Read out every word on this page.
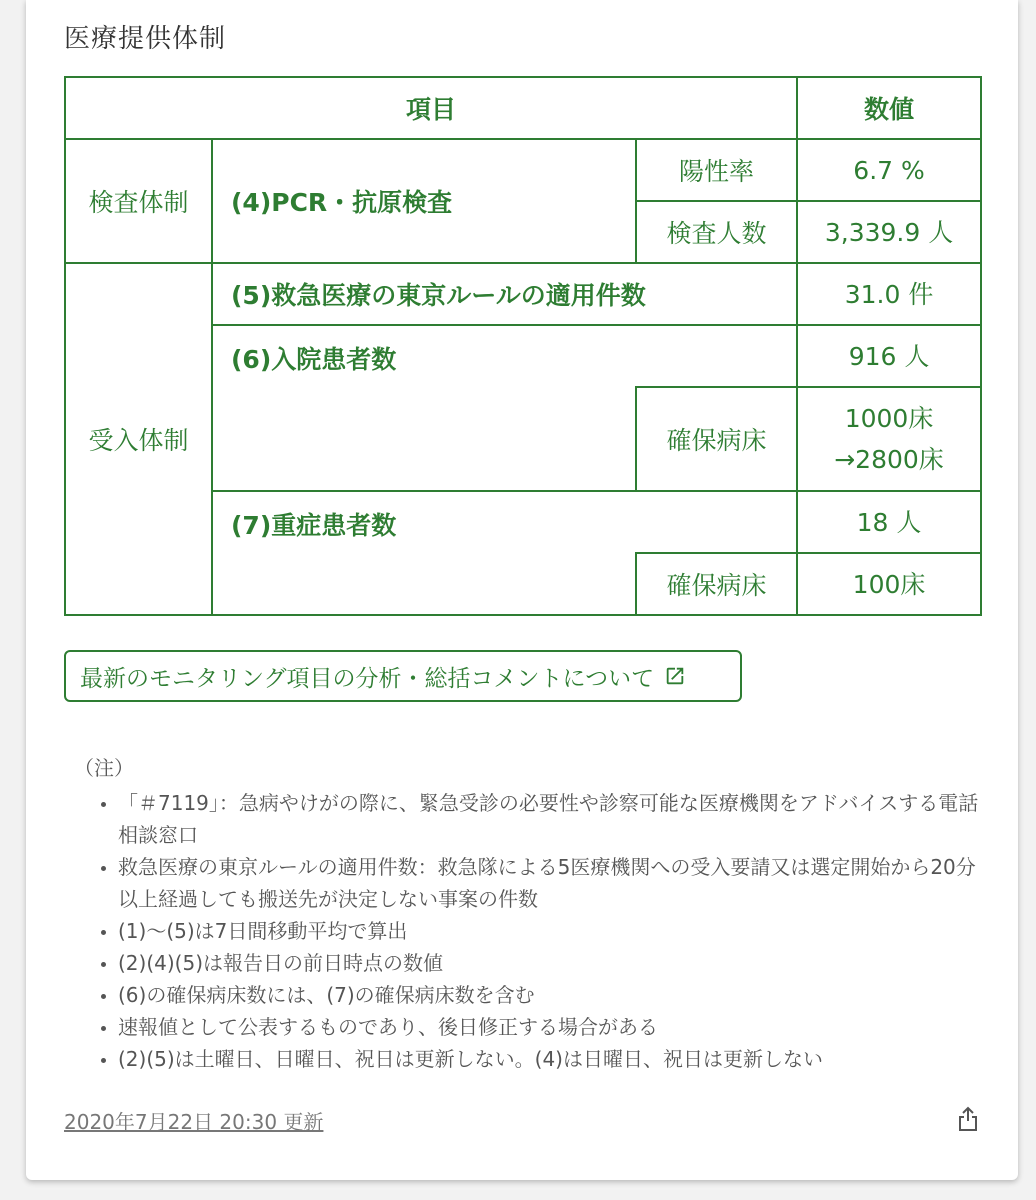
医療提供体制
項目			数値
検査体制	(4)PCR・抗原検査	陽性率	6.7 %
		検査人数	3,339.9 人
受入体制	(5)救急医療の東京ルールの適用件数		31.0 件
	(6)入院患者数		916 人
		確保病床	1000床
→2800床

	(7)重症患者数		18 人
		確保病床	100床
最新のモニタリング項目の分析・総括コメントについて
（注）
• 「＃7119」：急病やけがの際に、緊急受診の必要性や診察可能な医療機関をアドバイスする電話相談窓口
• 救急医療の東京ルールの適用件数：救急隊による5医療機関への受入要請又は選定開始から20分以上経過しても搬送先が決定しない事案の件数
• (1)〜(5)は7日間移動平均で算出
• (2)(4)(5)は報告日の前日時点の数値
• (6)の確保病床数には、(7)の確保病床数を含む
• 速報値として公表するものであり、後日修正する場合がある
• (2)(5)は土曜日、日曜日、祝日は更新しない。(4)は日曜日、祝日は更新しない
2020年7月22日 20:30 更新
